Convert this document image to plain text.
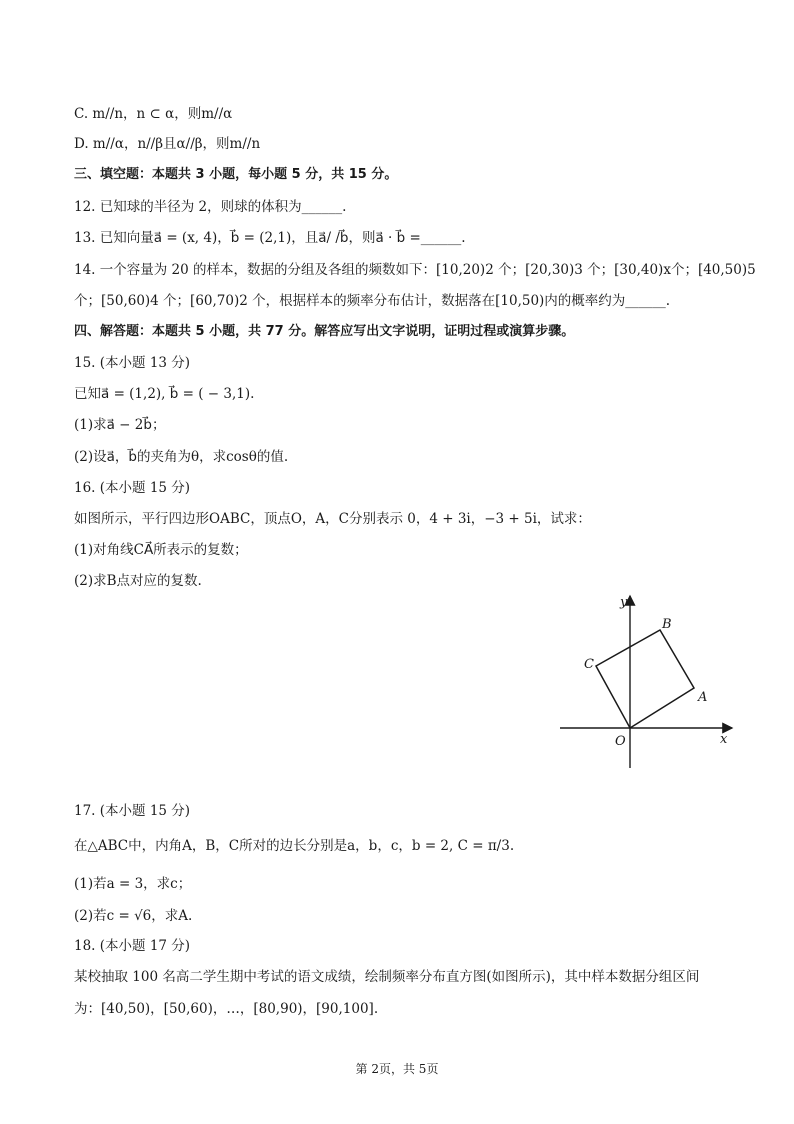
C. m//n，n ⊂ α，则m//α
D. m//α，n//β且α//β，则m//n
三、填空题：本题共 3 小题，每小题 5 分，共 15 分。
12. 已知球的半径为 2，则球的体积为______.
13. 已知向量a⃗ = (x, 4)，b⃗ = (2,1)，且a⃗/ /b⃗，则a⃗ · b⃗ =______.
14. 一个容量为 20 的样本，数据的分组及各组的频数如下：[10,20)2 个；[20,30)3 个；[30,40)x个；[40,50)5
个；[50,60)4 个；[60,70)2 个，根据样本的频率分布估计，数据落在[10,50)内的概率约为______.
四、解答题：本题共 5 小题，共 77 分。解答应写出文字说明，证明过程或演算步骤。
15. (本小题 13 分)
已知a⃗ = (1,2), b⃗ = ( − 3,1).
(1)求a⃗ − 2b⃗；
(2)设a⃗，b⃗的夹角为θ，求cosθ的值.
16. (本小题 15 分)
如图所示，平行四边形OABC，顶点O，A，C分别表示 0，4 + 3i，−3 + 5i，试求：
(1)对角线CA⃗所表示的复数；
(2)求B点对应的复数.
y
x
O
A
B
C
17. (本小题 15 分)
在△ABC中，内角A，B，C所对的边长分别是a，b，c，b = 2, C = π/3.
(1)若a = 3，求c；
(2)若c = √6，求A.
18. (本小题 17 分)
某校抽取 100 名高二学生期中考试的语文成绩，绘制频率分布直方图(如图所示)，其中样本数据分组区间
为：[40,50)，[50,60)，…，[80,90)，[90,100].
第 2页，共 5页
